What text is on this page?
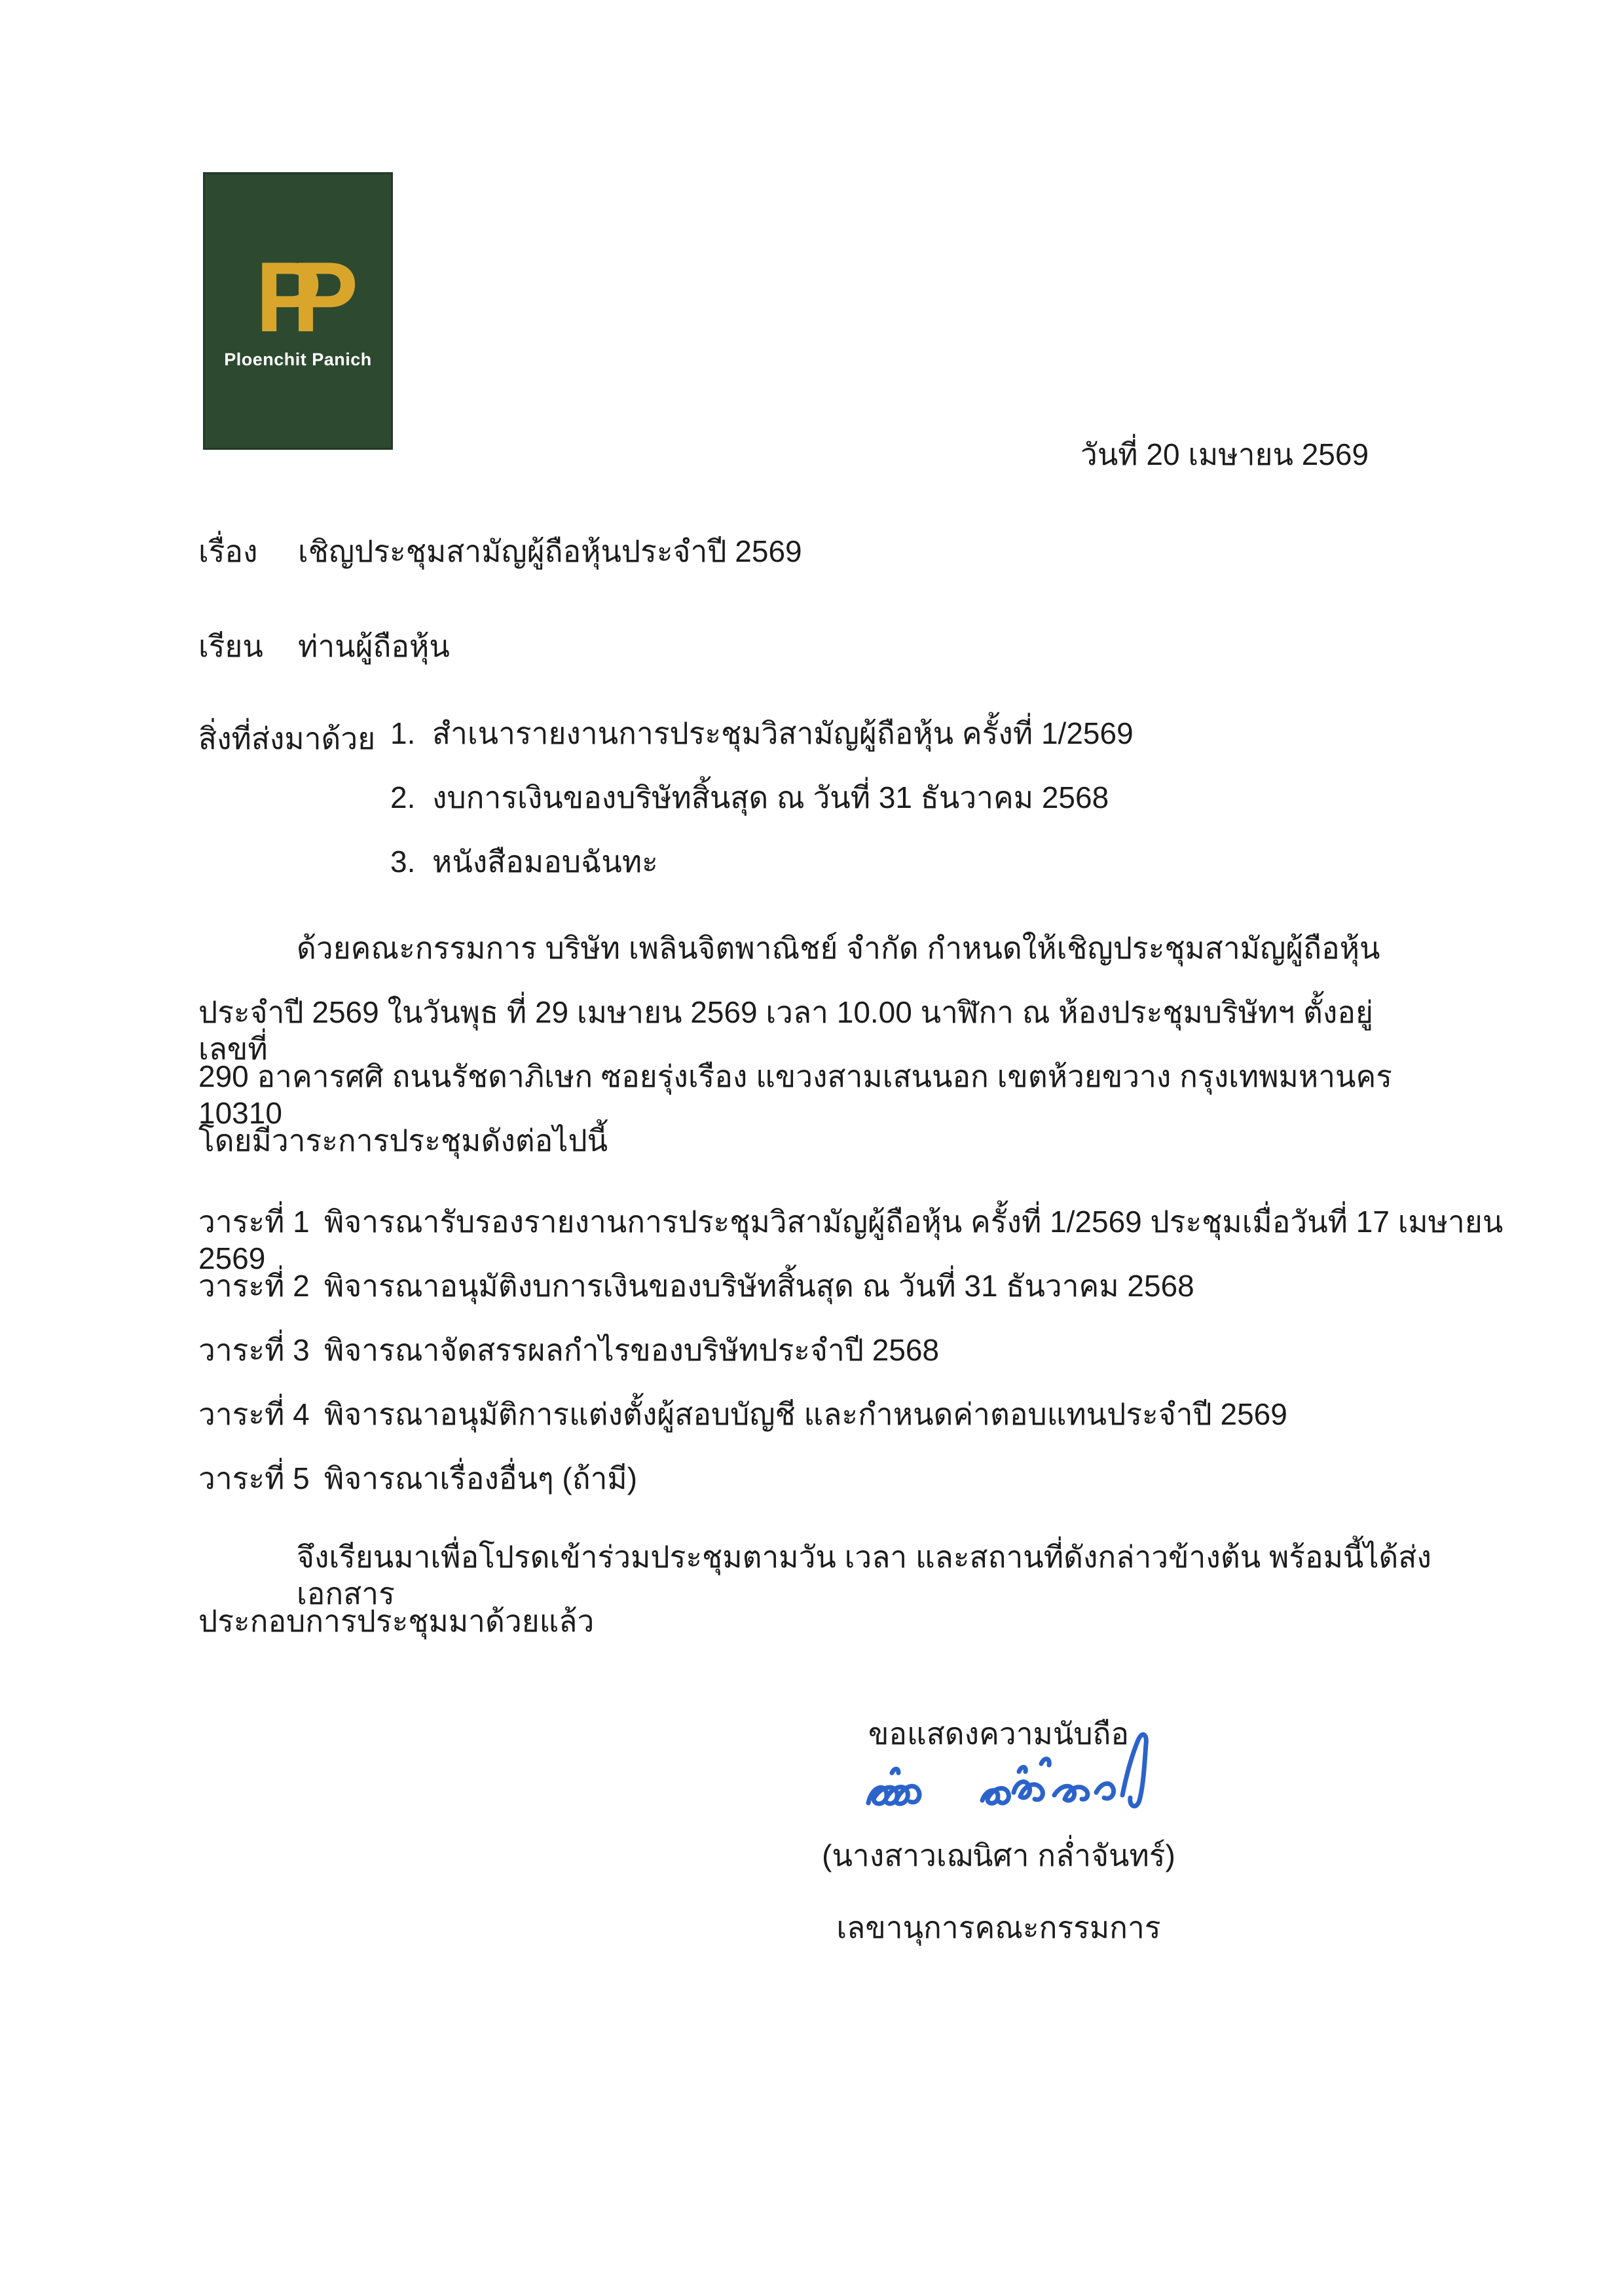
PP
Ploenchit Panich
วันที่ 20 เมษายน 2569
เรื่อง เชิญประชุมสามัญผู้ถือหุ้นประจำปี 2569
เรียน ท่านผู้ถือหุ้น
สิ่งที่ส่งมาด้วย 1. สำเนารายงานการประชุมวิสามัญผู้ถือหุ้น ครั้งที่ 1/2569
2. งบการเงินของบริษัทสิ้นสุด ณ วันที่ 31 ธันวาคม 2568
3. หนังสือมอบฉันทะ
ด้วยคณะกรรมการ บริษัท เพลินจิตพาณิชย์ จำกัด กำหนดให้เชิญประชุมสามัญผู้ถือหุ้น
ประจำปี 2569 ในวันพุธ ที่ 29 เมษายน 2569 เวลา 10.00 นาฬิกา ณ ห้องประชุมบริษัทฯ ตั้งอยู่เลขที่
290 อาคารศศิ ถนนรัชดาภิเษก ซอยรุ่งเรือง แขวงสามเสนนอก เขตห้วยขวาง กรุงเทพมหานคร 10310
โดยมีวาระการประชุมดังต่อไปนี้
วาระที่ 1 พิจารณารับรองรายงานการประชุมวิสามัญผู้ถือหุ้น ครั้งที่ 1/2569 ประชุมเมื่อวันที่ 17 เมษายน 2569
วาระที่ 2 พิจารณาอนุมัติงบการเงินของบริษัทสิ้นสุด ณ วันที่ 31 ธันวาคม 2568
วาระที่ 3 พิจารณาจัดสรรผลกำไรของบริษัทประจำปี 2568
วาระที่ 4 พิจารณาอนุมัติการแต่งตั้งผู้สอบบัญชี และกำหนดค่าตอบแทนประจำปี 2569
วาระที่ 5 พิจารณาเรื่องอื่นๆ (ถ้ามี)
จึงเรียนมาเพื่อโปรดเข้าร่วมประชุมตามวัน เวลา และสถานที่ดังกล่าวข้างต้น พร้อมนี้ได้ส่งเอกสาร
ประกอบการประชุมมาด้วยแล้ว
ขอแสดงความนับถือ
(นางสาวเฌนิศา กล่ำจันทร์)
เลขานุการคณะกรรมการ
